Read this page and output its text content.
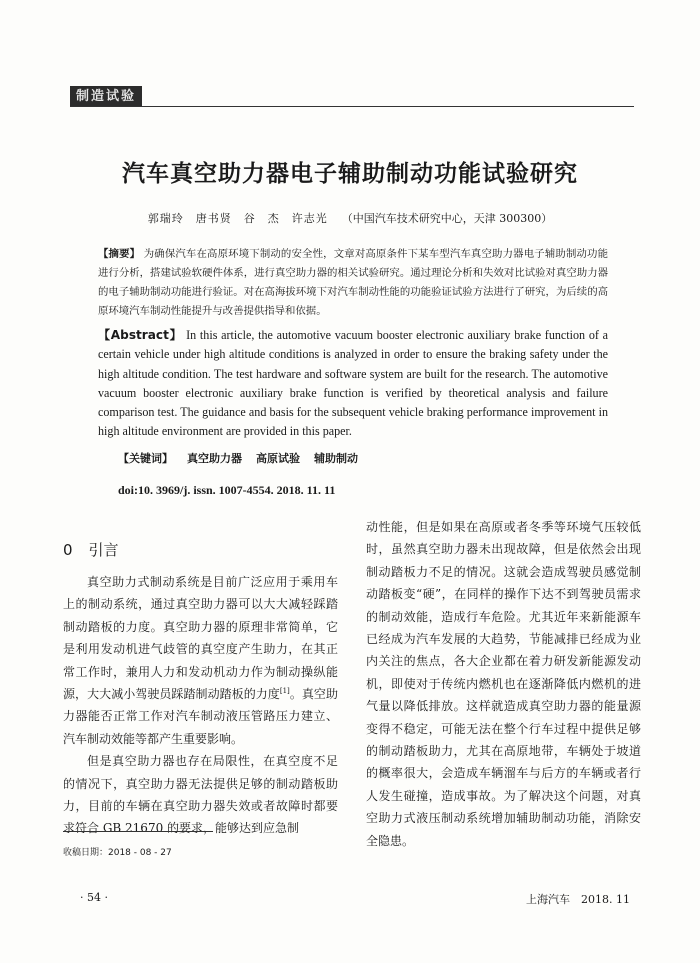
制造试验
汽车真空助力器电子辅助制动功能试验研究
郭瑞玲　唐书贤　谷　杰　许志光 （中国汽车技术研究中心，天津 300300）
【摘要】 为确保汽车在高原环境下制动的安全性，文章对高原条件下某车型汽车真空助力器电子辅助制动功能进行分析，搭建试验软硬件体系，进行真空助力器的相关试验研究。通过理论分析和失效对比试验对真空助力器的电子辅助制动功能进行验证。对在高海拔环境下对汽车制动性能的功能验证试验方法进行了研究，为后续的高原环境汽车制动性能提升与改善提供指导和依据。
【Abstract】 In this article, the automotive vacuum booster electronic auxiliary brake function of a certain vehicle under high altitude conditions is analyzed in order to ensure the braking safety under the high altitude condition. The test hardware and software system are built for the research. The automotive vacuum booster electronic auxiliary brake function is verified by theoretical analysis and failure comparison test. The guidance and basis for the subsequent vehicle braking performance improvement in high altitude environment are provided in this paper.
【关键词】 真空助力器 高原试验 辅助制动
doi:10. 3969/j. issn. 1007-4554. 2018. 11. 11
0 引言

真空助力式制动系统是目前广泛应用于乘用车上的制动系统，通过真空助力器可以大大减轻踩踏制动踏板的力度。真空助力器的原理非常简单，它是利用发动机进气歧管的真空度产生助力，在其正常工作时，兼用人力和发动机动力作为制动操纵能源，大大减小驾驶员踩踏制动踏板的力度[1]。真空助力器能否正常工作对汽车制动液压管路压力建立、汽车制动效能等都产生重要影响。

但是真空助力器也存在局限性，在真空度不足的情况下，真空助力器无法提供足够的制动踏板助力，目前的车辆在真空助力器失效或者故障时都要求符合 GB 21670 的要求，能够达到应急制

动性能，但是如果在高原或者冬季等环境气压较低时，虽然真空助力器未出现故障，但是依然会出现制动踏板力不足的情况。这就会造成驾驶员感觉制动踏板变“硬”，在同样的操作下达不到驾驶员需求的制动效能，造成行车危险。尤其近年来新能源车已经成为汽车发展的大趋势，节能减排已经成为业内关注的焦点，各大企业都在着力研发新能源发动机，即使对于传统内燃机也在逐渐降低内燃机的进气量以降低排放。这样就造成真空助力器的能量源变得不稳定，可能无法在整个行车过程中提供足够的制动踏板助力，尤其在高原地带，车辆处于坡道的概率很大，会造成车辆溜车与后方的车辆或者行人发生碰撞，造成事故。为了解决这个问题，对真空助力式液压制动系统增加辅助制动功能，消除安全隐患。

收稿日期：2018 - 08 - 27
· 54 ·	上海汽车　2018. 11
